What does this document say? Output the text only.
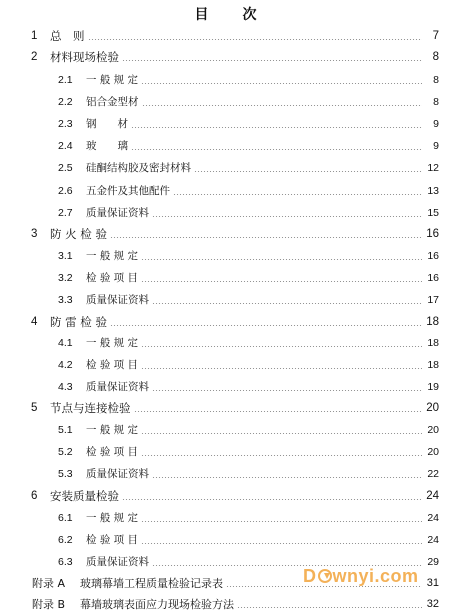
目　　次
1	总　则	7
2	材料现场检验	8
2.1	一 般 规 定	8
2.2	铝合金型材	8
2.3	钢　　材	9
2.4	玻　　璃	9
2.5	硅酮结构胶及密封材料	12
2.6	五金件及其他配件	13
2.7	质量保证资料	15
3	防 火 检 验	16
3.1	一 般 规 定	16
3.2	检 验 项 目	16
3.3	质量保证资料	17
4	防 雷 检 验	18
4.1	一 般 规 定	18
4.2	检 验 项 目	18
4.3	质量保证资料	19
5	节点与连接检验	20
5.1	一 般 规 定	20
5.2	检 验 项 目	20
5.3	质量保证资料	22
6	安装质量检验	24
6.1	一 般 规 定	24
6.2	检 验 项 目	24
6.3	质量保证资料	29
附录 A	玻璃幕墙工程质量检验记录表	31
附录 B	幕墙玻璃表面应力现场检验方法	32
D wnyi.com
